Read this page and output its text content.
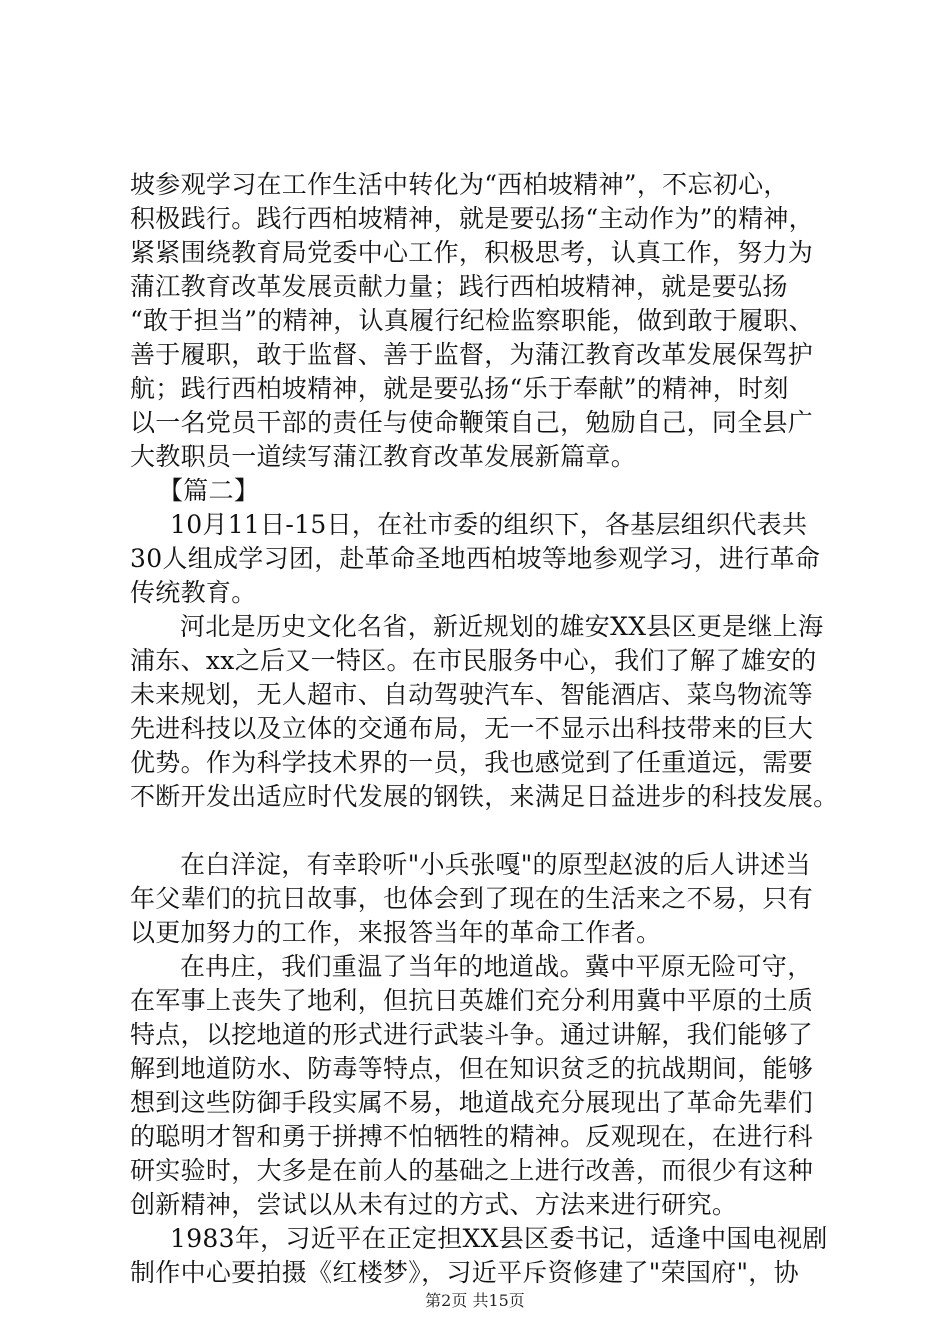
坡参观学习在工作生活中转化为“西柏坡精神”，不忘初心，
积极践行。践行西柏坡精神，就是要弘扬“主动作为”的精神，
紧紧围绕教育局党委中心工作，积极思考，认真工作，努力为
蒲江教育改革发展贡献力量；践行西柏坡精神，就是要弘扬
“敢于担当”的精神，认真履行纪检监察职能，做到敢于履职、
善于履职，敢于监督、善于监督，为蒲江教育改革发展保驾护
航；践行西柏坡精神，就是要弘扬“乐于奉献”的精神，时刻
以一名党员干部的责任与使命鞭策自己，勉励自己，同全县广
大教职员一道续写蒲江教育改革发展新篇章。
【篇二】
10月11日-15日，在社市委的组织下，各基层组织代表共
30人组成学习团，赴革命圣地西柏坡等地参观学习，进行革命
传统教育。
河北是历史文化名省，新近规划的雄安XX县区更是继上海
浦东、xx之后又一特区。在市民服务中心，我们了解了雄安的
未来规划，无人超市、自动驾驶汽车、智能酒店、菜鸟物流等
先进科技以及立体的交通布局，无一不显示出科技带来的巨大
优势。作为科学技术界的一员，我也感觉到了任重道远，需要
不断开发出适应时代发展的钢铁，来满足日益进步的科技发展。
在白洋淀，有幸聆听"小兵张嘎"的原型赵波的后人讲述当
年父辈们的抗日故事，也体会到了现在的生活来之不易，只有
以更加努力的工作，来报答当年的革命工作者。
在冉庄，我们重温了当年的地道战。冀中平原无险可守，
在军事上丧失了地利，但抗日英雄们充分利用冀中平原的土质
特点，以挖地道的形式进行武装斗争。通过讲解，我们能够了
解到地道防水、防毒等特点，但在知识贫乏的抗战期间，能够
想到这些防御手段实属不易，地道战充分展现出了革命先辈们
的聪明才智和勇于拼搏不怕牺牲的精神。反观现在，在进行科
研实验时，大多是在前人的基础之上进行改善，而很少有这种
创新精神，尝试以从未有过的方式、方法来进行研究。
1983年，习近平在正定担XX县区委书记，适逢中国电视剧
制作中心要拍摄《红楼梦》，习近平斥资修建了"荣国府"，协
第2页 共15页
